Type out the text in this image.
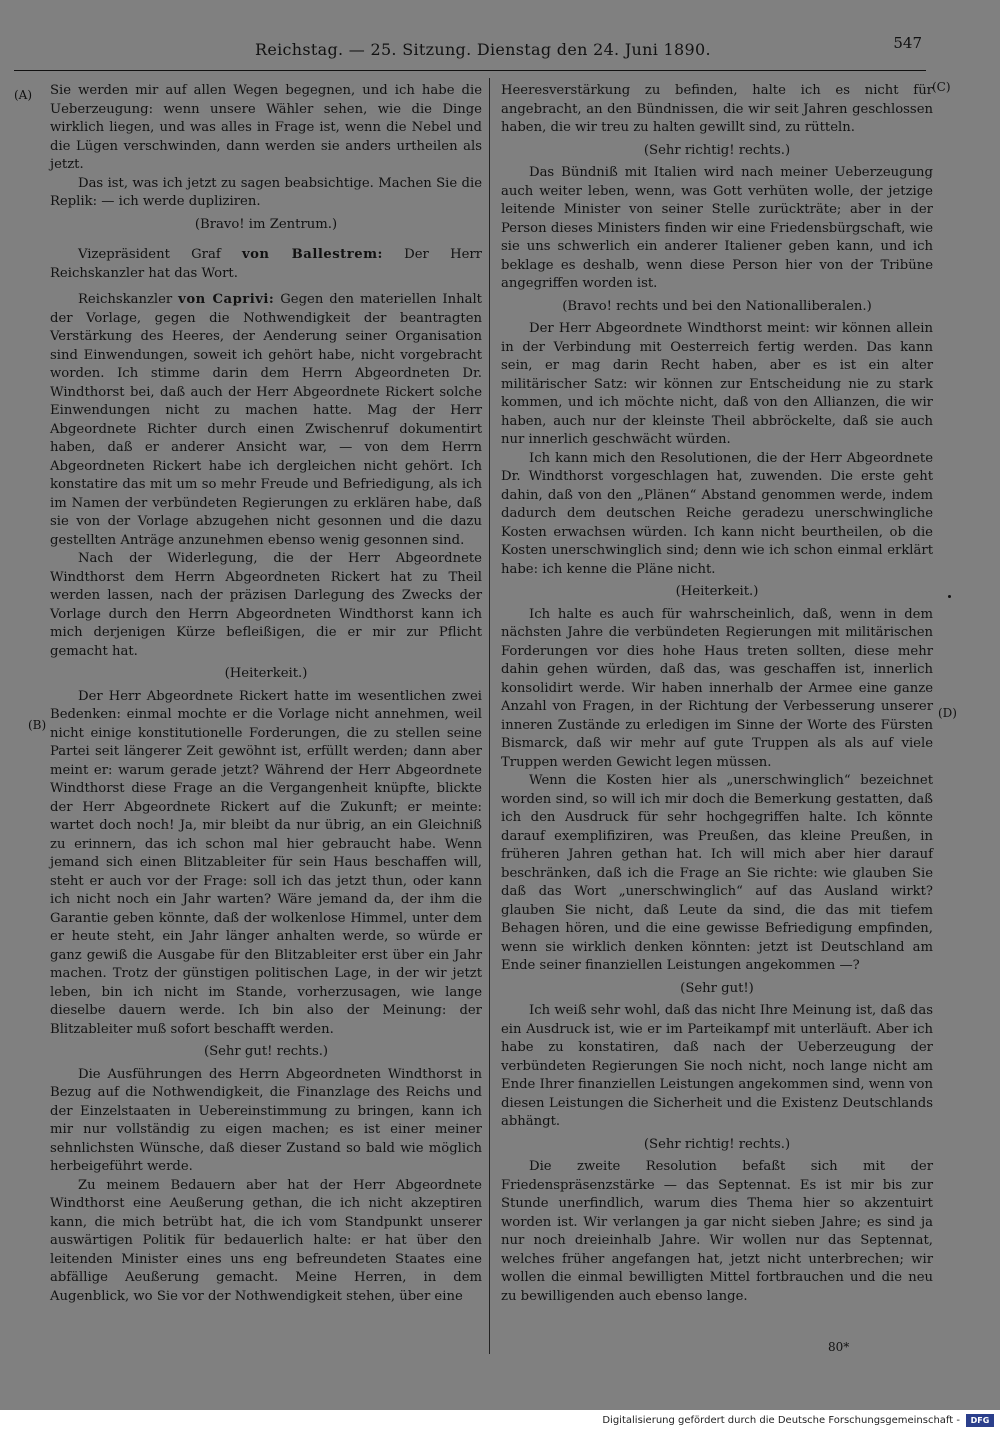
Reichstag. — 25. Sitzung. Dienstag den 24. Juni 1890.	547
(A)
(B)
(C)
(D)

Sie werden mir auf allen Wegen begegnen, und ich habe die Ueberzeugung: wenn unsere Wähler sehen, wie die Dinge wirklich liegen, und was alles in Frage ist, wenn die Nebel und die Lügen verschwinden, dann werden sie anders urtheilen als jetzt.

Das ist, was ich jetzt zu sagen beabsichtige. Machen Sie die Replik: — ich werde dupliziren.

(Bravo! im Zentrum.)

Vizepräsident Graf von Ballestrem: Der Herr Reichskanzler hat das Wort.

Reichskanzler von Caprivi: Gegen den materiellen Inhalt der Vorlage, gegen die Nothwendigkeit der beantragten Verstärkung des Heeres, der Aenderung seiner Organisation sind Einwendungen, soweit ich gehört habe, nicht vorgebracht worden. Ich stimme darin dem Herrn Abgeordneten Dr. Windthorst bei, daß auch der Herr Abgeordnete Rickert solche Einwendungen nicht zu machen hatte. Mag der Herr Abgeordnete Richter durch einen Zwischenruf dokumentirt haben, daß er anderer Ansicht war, — von dem Herrn Abgeordneten Rickert habe ich dergleichen nicht gehört. Ich konstatire das mit um so mehr Freude und Befriedigung, als ich im Namen der verbündeten Regierungen zu erklären habe, daß sie von der Vorlage abzugehen nicht gesonnen und die dazu gestellten Anträge anzunehmen ebenso wenig gesonnen sind.

Nach der Widerlegung, die der Herr Abgeordnete Windthorst dem Herrn Abgeordneten Rickert hat zu Theil werden lassen, nach der präzisen Darlegung des Zwecks der Vorlage durch den Herrn Abgeordneten Windthorst kann ich mich derjenigen Kürze befleißigen, die er mir zur Pflicht gemacht hat.

(Heiterkeit.)

Der Herr Abgeordnete Rickert hatte im wesentlichen zwei Bedenken: einmal mochte er die Vorlage nicht annehmen, weil nicht einige konstitutionelle Forderungen, die zu stellen seine Partei seit längerer Zeit gewöhnt ist, erfüllt werden; dann aber meint er: warum gerade jetzt? Während der Herr Abgeordnete Windthorst diese Frage an die Vergangenheit knüpfte, blickte der Herr Abgeordnete Rickert auf die Zukunft; er meinte: wartet doch noch! Ja, mir bleibt da nur übrig, an ein Gleichniß zu erinnern, das ich schon mal hier gebraucht habe. Wenn jemand sich einen Blitzableiter für sein Haus beschaffen will, steht er auch vor der Frage: soll ich das jetzt thun, oder kann ich nicht noch ein Jahr warten? Wäre jemand da, der ihm die Garantie geben könnte, daß der wolkenlose Himmel, unter dem er heute steht, ein Jahr länger anhalten werde, so würde er ganz gewiß die Ausgabe für den Blitzableiter erst über ein Jahr machen. Trotz der günstigen politischen Lage, in der wir jetzt leben, bin ich nicht im Stande, vorherzusagen, wie lange dieselbe dauern werde. Ich bin also der Meinung: der Blitzableiter muß sofort beschafft werden.

(Sehr gut! rechts.)

Die Ausführungen des Herrn Abgeordneten Windthorst in Bezug auf die Nothwendigkeit, die Finanzlage des Reichs und der Einzelstaaten in Uebereinstimmung zu bringen, kann ich mir nur vollständig zu eigen machen; es ist einer meiner sehnlichsten Wünsche, daß dieser Zustand so bald wie möglich herbeigeführt werde.

Zu meinem Bedauern aber hat der Herr Abgeordnete Windthorst eine Aeußerung gethan, die ich nicht akzeptiren kann, die mich betrübt hat, die ich vom Standpunkt unserer auswärtigen Politik für bedauerlich halte: er hat über den leitenden Minister eines uns eng befreundeten Staates eine abfällige Aeußerung gemacht. Meine Herren, in dem Augenblick, wo Sie vor der Nothwendigkeit stehen, über eine

Heeresverstärkung zu befinden, halte ich es nicht für angebracht, an den Bündnissen, die wir seit Jahren geschlossen haben, die wir treu zu halten gewillt sind, zu rütteln.

(Sehr richtig! rechts.)

Das Bündniß mit Italien wird nach meiner Ueberzeugung auch weiter leben, wenn, was Gott verhüten wolle, der jetzige leitende Minister von seiner Stelle zurückträte; aber in der Person dieses Ministers finden wir eine Friedensbürgschaft, wie sie uns schwerlich ein anderer Italiener geben kann, und ich beklage es deshalb, wenn diese Person hier von der Tribüne angegriffen worden ist.

(Bravo! rechts und bei den Nationalliberalen.)

Der Herr Abgeordnete Windthorst meint: wir können allein in der Verbindung mit Oesterreich fertig werden. Das kann sein, er mag darin Recht haben, aber es ist ein alter militärischer Satz: wir können zur Entscheidung nie zu stark kommen, und ich möchte nicht, daß von den Allianzen, die wir haben, auch nur der kleinste Theil abbröckelte, daß sie auch nur innerlich geschwächt würden.

Ich kann mich den Resolutionen, die der Herr Abgeordnete Dr. Windthorst vorgeschlagen hat, zuwenden. Die erste geht dahin, daß von den „Plänen“ Abstand genommen werde, indem dadurch dem deutschen Reiche geradezu unerschwingliche Kosten erwachsen würden. Ich kann nicht beurtheilen, ob die Kosten unerschwinglich sind; denn wie ich schon einmal erklärt habe: ich kenne die Pläne nicht.

(Heiterkeit.)

Ich halte es auch für wahrscheinlich, daß, wenn in dem nächsten Jahre die verbündeten Regierungen mit militärischen Forderungen vor dies hohe Haus treten sollten, diese mehr dahin gehen würden, daß das, was geschaffen ist, innerlich konsolidirt werde. Wir haben innerhalb der Armee eine ganze Anzahl von Fragen, in der Richtung der Verbesserung unserer inneren Zustände zu erledigen im Sinne der Worte des Fürsten Bismarck, daß wir mehr auf gute Truppen als als auf viele Truppen werden Gewicht legen müssen.

Wenn die Kosten hier als „unerschwinglich“ bezeichnet worden sind, so will ich mir doch die Bemerkung gestatten, daß ich den Ausdruck für sehr hochgegriffen halte. Ich könnte darauf exemplifiziren, was Preußen, das kleine Preußen, in früheren Jahren gethan hat. Ich will mich aber hier darauf beschränken, daß ich die Frage an Sie richte: wie glauben Sie daß das Wort „unerschwinglich“ auf das Ausland wirkt? glauben Sie nicht, daß Leute da sind, die das mit tiefem Behagen hören, und die eine gewisse Befriedigung empfinden, wenn sie wirklich denken könnten: jetzt ist Deutschland am Ende seiner finanziellen Leistungen angekommen —?

(Sehr gut!)

Ich weiß sehr wohl, daß das nicht Ihre Meinung ist, daß das ein Ausdruck ist, wie er im Parteikampf mit unterläuft. Aber ich habe zu konstatiren, daß nach der Ueberzeugung der verbündeten Regierungen Sie noch nicht, noch lange nicht am Ende Ihrer finanziellen Leistungen angekommen sind, wenn von diesen Leistungen die Sicherheit und die Existenz Deutschlands abhängt.

(Sehr richtig! rechts.)

Die zweite Resolution befaßt sich mit der Friedenspräsenzstärke — das Septennat. Es ist mir bis zur Stunde unerfindlich, warum dies Thema hier so akzentuirt worden ist. Wir verlangen ja gar nicht sieben Jahre; es sind ja nur noch dreieinhalb Jahre. Wir wollen nur das Septennat, welches früher angefangen hat, jetzt nicht unterbrechen; wir wollen die einmal bewilligten Mittel fortbrauchen und die neu zu bewilligenden auch ebenso lange.

80*
Digitalisierung gefördert durch die Deutsche Forschungsgemeinschaft -	DFG
